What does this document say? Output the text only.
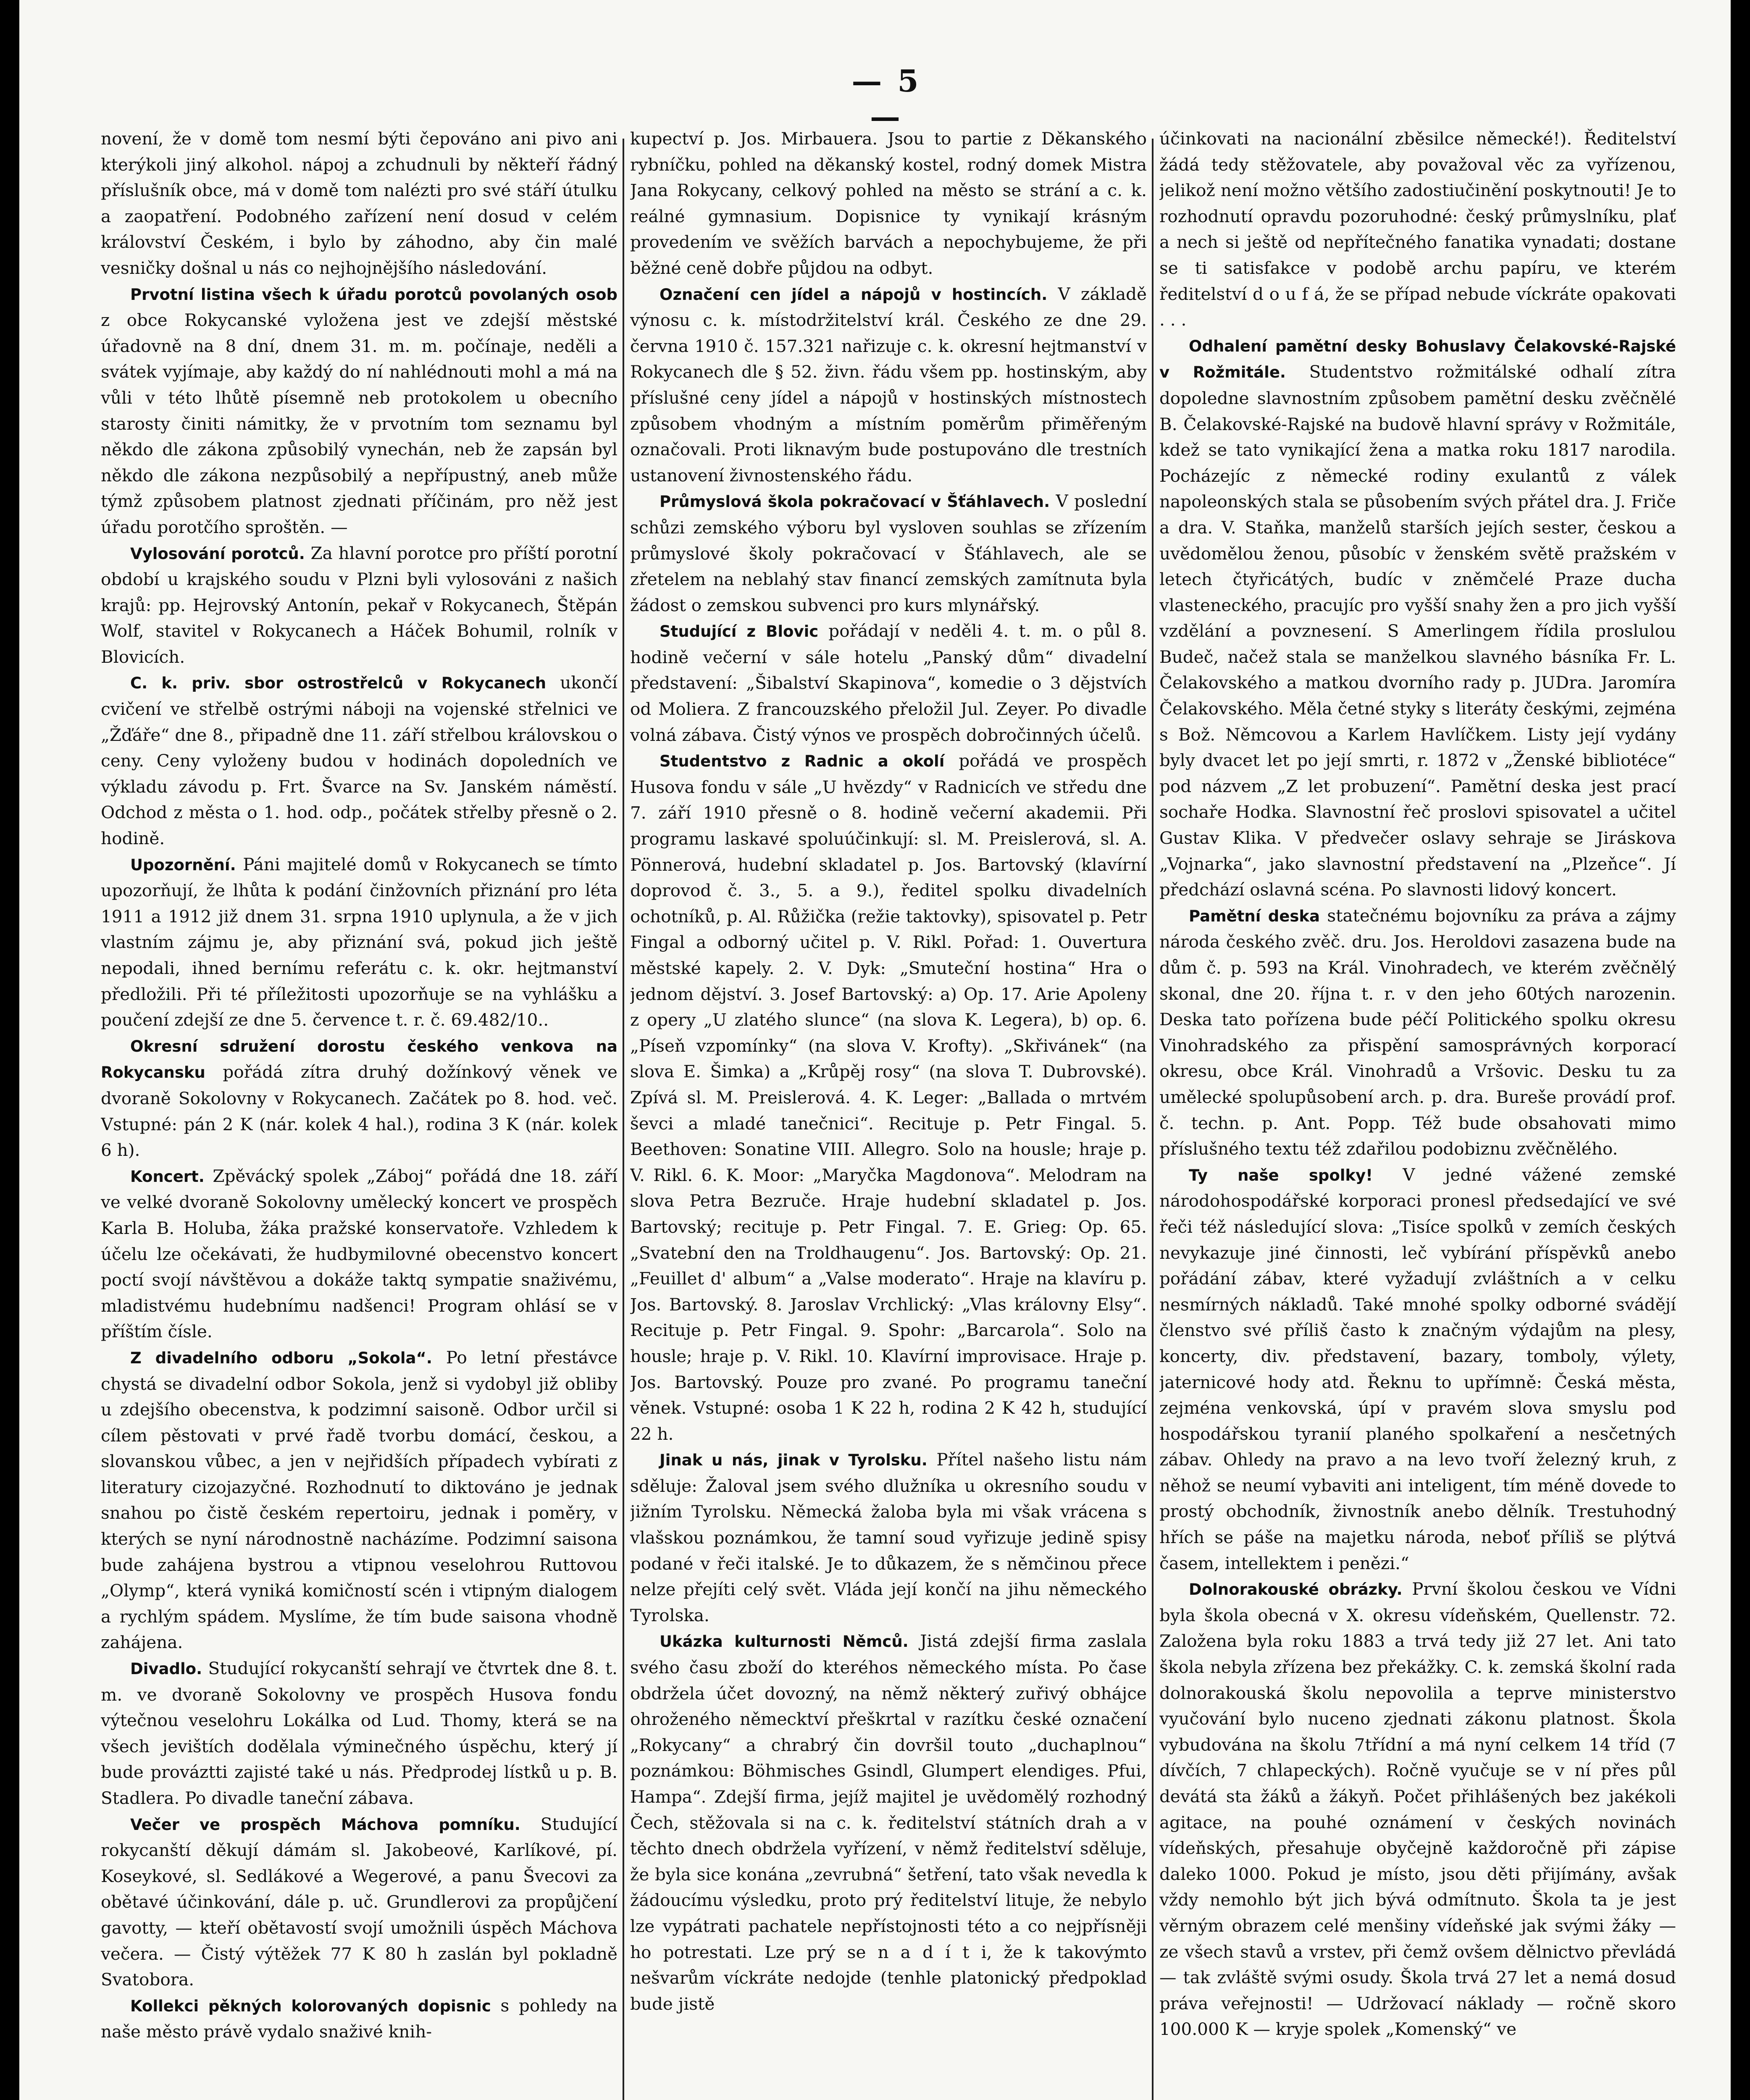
— 5 —

novení, že v domě tom nesmí býti čepováno ani pivo ani kterýkoli jiný alkohol. nápoj a zchudnuli by někteří řádný příslušník obce, má v domě tom nalézti pro své stáří útulku a zaopatření. Podobného zařízení není dosud v celém království Českém, i bylo by záhodno, aby čin malé vesničky došnal u nás co nejhojnějšího následování.

Prvotní listina všech k úřadu porotců povolaných osob z obce Rokycanské vyložena jest ve zdejší městské úřadovně na 8 dní, dnem 31. m. m. počínaje, neděli a svátek vyjímaje, aby každý do ní nahlédnouti mohl a má na vůli v této lhůtě písemně neb protokolem u obecního starosty činiti námitky, že v prvotním tom seznamu byl někdo dle zákona způsobilý vynechán, neb že zapsán byl někdo dle zákona nezpůsobilý a nepřípustný, aneb může týmž způsobem platnost zjednati příčinám, pro něž jest úřadu porotčího sproštěn. —

Vylosování porotců. Za hlavní porotce pro příští porotní období u krajského soudu v Plzni byli vylosováni z našich krajů: pp. Hejrovský Antonín, pekař v Rokycanech, Štěpán Wolf, stavitel v Rokycanech a Háček Bohumil, rolník v Blovicích.

C. k. priv. sbor ostrostřelců v Rokycanech ukončí cvičení ve střelbě ostrými náboji na vojenské střelnici ve „Žďáře“ dne 8., připadně dne 11. září střelbou královskou o ceny. Ceny vyloženy budou v hodinách dopoledních ve výkladu závodu p. Frt. Švarce na Sv. Janském náměstí. Odchod z města o 1. hod. odp., počátek střelby přesně o 2. hodině.

Upozornění. Páni majitelé domů v Rokycanech se tímto upozorňují, že lhůta k podání činžovních přiznání pro léta 1911 a 1912 již dnem 31. srpna 1910 uplynula, a že v jich vlastním zájmu je, aby přiznání svá, pokud jich ještě nepodali, ihned bernímu referátu c. k. okr. hejtmanství předložili. Při té příležitosti upozorňuje se na vyhlášku a poučení zdejší ze dne 5. července t. r. č. 69.482/10..

Okresní sdružení dorostu českého venkova na Rokycansku pořádá zítra druhý dožínkový věnek ve dvoraně Sokolovny v Rokycanech. Začátek po 8. hod. več. Vstupné: pán 2 K (nár. kolek 4 hal.), rodina 3 K (nár. kolek 6 h).

Koncert. Zpěvácký spolek „Záboj“ pořádá dne 18. září ve velké dvoraně Sokolovny umělecký koncert ve prospěch Karla B. Holuba, žáka pražské konservatoře. Vzhledem k účelu lze očekávati, že hudbymilovné obecenstvo koncert poctí svojí návštěvou a dokáže taktq sympatie snaživému, mladistvému hudebnímu nadšenci! Program ohlásí se v příštím čísle.

Z divadelního odboru „Sokola“. Po letní přestávce chystá se divadelní odbor Sokola, jenž si vydobyl již obliby u zdejšího obecenstva, k podzimní saisoně. Odbor určil si cílem pěstovati v prvé řadě tvorbu domácí, českou, a slovanskou vůbec, a jen v nejřidších případech vybírati z literatury cizojazyčné. Rozhodnutí to diktováno je jednak snahou po čistě českém repertoiru, jednak i poměry, v kterých se nyní národnostně nacházíme. Podzimní saisona bude zahájena bystrou a vtipnou veselohrou Ruttovou „Olymp“, která vyniká komičností scén i vtipným dialogem a rychlým spádem. Myslíme, že tím bude saisona vhodně zahájena.

Divadlo. Studující rokycanští sehrají ve čtvrtek dne 8. t. m. ve dvoraně Sokolovny ve prospěch Husova fondu výtečnou veselohru Lokálka od Lud. Thomy, která se na všech jevištích dodělala výminečného úspěchu, který jí bude prováztti zajisté také u nás. Předprodej lístků u p. B. Stadlera. Po divadle taneční zábava.

Večer ve prospěch Máchova pomníku. Studující rokycanští děkují dámám sl. Jakobeové, Karlíkové, pí. Koseykové, sl. Sedlákové a Wegerové, a panu Švecovi za obětavé účinkování, dále p. uč. Grundlerovi za propůjčení gavotty, — kteří obětavostí svojí umožnili úspěch Máchova večera. — Čistý výtěžek 77 K 80 h zaslán byl pokladně Svatobora.

Kollekci pěkných kolorovaných dopisnic s pohledy na naše město právě vydalo snaživé knih-

kupectví p. Jos. Mirbauera. Jsou to partie z Děkanského rybníčku, pohled na děkanský kostel, rodný domek Mistra Jana Rokycany, celkový pohled na město se strání a c. k. reálné gymnasium. Dopisnice ty vynikají krásným provedením ve svěžích barvách a nepochybujeme, že při běžné ceně dobře půjdou na odbyt.

Označení cen jídel a nápojů v hostincích. V základě výnosu c. k. místodržitelství král. Českého ze dne 29. června 1910 č. 157.321 nařizuje c. k. okresní hejtmanství v Rokycanech dle § 52. živn. řádu všem pp. hostinským, aby příslušné ceny jídel a nápojů v hostinských místnostech způsobem vhodným a místním poměrům přiměřeným označovali. Proti liknavým bude postupováno dle trestních ustanovení živnostenského řádu.

Průmyslová škola pokračovací v Šťáhlavech. V poslední schůzi zemského výboru byl vysloven souhlas se zřízením průmyslové školy pokračovací v Šťáhlavech, ale se zřetelem na neblahý stav financí zemských zamítnuta byla žádost o zemskou subvenci pro kurs mlynářský.

Studující z Blovic pořádají v neděli 4. t. m. o půl 8. hodině večerní v sále hotelu „Panský dům“ divadelní představení: „Šibalství Skapinova“, komedie o 3 dějstvích od Moliera. Z francouzského přeložil Jul. Zeyer. Po divadle volná zábava. Čistý výnos ve prospěch dobročinných účelů.

Studentstvo z Radnic a okolí pořádá ve prospěch Husova fondu v sále „U hvězdy“ v Radnicích ve středu dne 7. září 1910 přesně o 8. hodině večerní akademii. Při programu laskavé spoluúčinkují: sl. M. Preislerová, sl. A. Pönnerová, hudební skladatel p. Jos. Bartovský (klavírní doprovod č. 3., 5. a 9.), ředitel spolku divadelních ochotníků, p. Al. Růžička (režie taktovky), spisovatel p. Petr Fingal a odborný učitel p. V. Rikl. Pořad: 1. Ouvertura městské kapely. 2. V. Dyk: „Smuteční hostina“ Hra o jednom dějství. 3. Josef Bartovský: a) Op. 17. Arie Apoleny z opery „U zlatého slunce“ (na slova K. Legera), b) op. 6. „Píseň vzpomínky“ (na slova V. Krofty). „Skřivánek“ (na slova E. Šimka) a „Krůpěj rosy“ (na slova T. Dubrovské). Zpívá sl. M. Preislerová. 4. K. Leger: „Ballada o mrtvém ševci a mladé tanečnici“. Recituje p. Petr Fingal. 5. Beethoven: Sonatine VIII. Allegro. Solo na housle; hraje p. V. Rikl. 6. K. Moor: „Maryčka Magdonova“. Melodram na slova Petra Bezruče. Hraje hudební skladatel p. Jos. Bartovský; recituje p. Petr Fingal. 7. E. Grieg: Op. 65. „Svatební den na Troldhaugenu“. Jos. Bartovský: Op. 21. „Feuillet d' album“ a „Valse moderato“. Hraje na klavíru p. Jos. Bartovský. 8. Jaroslav Vrchlický: „Vlas královny Elsy“. Recituje p. Petr Fingal. 9. Spohr: „Barcarola“. Solo na housle; hraje p. V. Rikl. 10. Klavírní improvisace. Hraje p. Jos. Bartovský. Pouze pro zvané. Po programu taneční věnek. Vstupné: osoba 1 K 22 h, rodina 2 K 42 h, studující 22 h.

Jinak u nás, jinak v Tyrolsku. Přítel našeho listu nám sděluje: Žaloval jsem svého dlužníka u okresního soudu v jižním Tyrolsku. Německá žaloba byla mi však vrácena s vlašskou poznámkou, že tamní soud vyřizuje jedině spisy podané v řeči italské. Je to důkazem, že s němčinou přece nelze přejíti celý svět. Vláda její končí na jihu německého Tyrolska.

Ukázka kulturnosti Němců. Jistá zdejší firma zaslala svého času zboží do kteréhos německého místa. Po čase obdržela účet dovozný, na němž některý zuřivý obhájce ohroženého německtví přeškrtal v razítku české označení „Rokycany“ a chrabrý čin dovršil touto „duchaplnou“ poznámkou: Böhmisches Gsindl, Glumpert elendiges. Pfui, Hampa“. Zdejší firma, jejíž majitel je uvědomělý rozhodný Čech, stěžovala si na c. k. ředitelství státních drah a v těchto dnech obdržela vyřízení, v němž ředitelství sděluje, že byla sice konána „zevrubná“ šetření, tato však nevedla k žádoucímu výsledku, proto prý ředitelství lituje, že nebylo lze vypátrati pachatele nepřístojnosti této a co nejpřísněji ho potrestati. Lze prý se n a d í t i, že k takovýmto nešvarům víckráte nedojde (tenhle platonický předpoklad bude jistě

účinkovati na nacionální zběsilce německé!). Ředitelství žádá tedy stěžovatele, aby považoval věc za vyřízenou, jelikož není možno většího zadostiučinění poskytnouti! Je to rozhodnutí opravdu pozoruhodné: český průmyslníku, plať a nech si ještě od nepřítečného fanatika vynadati; dostane se ti satisfakce v podobě archu papíru, ve kterém ředitelství d o u f á, že se případ nebude víckráte opakovati . . .

Odhalení pamětní desky Bohuslavy Čelakovské-Rajské v Rožmitále. Studentstvo rožmitálské odhalí zítra dopoledne slavnostním způsobem pamětní desku zvěčnělé B. Čelakovské-Rajské na budově hlavní správy v Rožmitále, kdež se tato vynikající žena a matka roku 1817 narodila. Pocházejíc z německé rodiny exulantů z válek napoleonských stala se působením svých přátel dra. J. Friče a dra. V. Staňka, manželů starších jejích sester, českou a uvědomělou ženou, působíc v ženském světě pražském v letech čtyřicátých, budíc v zněmčelé Praze ducha vlasteneckého, pracujíc pro vyšší snahy žen a pro jich vyšší vzdělání a povznesení. S Amerlingem řídila proslulou Budeč, načež stala se manželkou slavného básníka Fr. L. Čelakovského a matkou dvorního rady p. JUDra. Jaromíra Čelakovského. Měla četné styky s literáty českými, zejména s Bož. Němcovou a Karlem Havlíčkem. Listy její vydány byly dvacet let po její smrti, r. 1872 v „Ženské bibliotéce“ pod názvem „Z let probuzení“. Pamětní deska jest prací sochaře Hodka. Slavnostní řeč proslovi spisovatel a učitel Gustav Klika. V předvečer oslavy sehraje se Jiráskova „Vojnarka“, jako slavnostní představení na „Plzeňce“. Jí předchází oslavná scéna. Po slavnosti lidový koncert.

Pamětní deska statečnému bojovníku za práva a zájmy národa českého zvěč. dru. Jos. Heroldovi zasazena bude na dům č. p. 593 na Král. Vinohradech, ve kterém zvěčnělý skonal, dne 20. října t. r. v den jeho 60tých narozenin. Deska tato pořízena bude péčí Politického spolku okresu Vinohradského za přispění samosprávných korporací okresu, obce Král. Vinohradů a Vršovic. Desku tu za umělecké spolupůsobení arch. p. dra. Bureše provádí prof. č. techn. p. Ant. Popp. Též bude obsahovati mimo příslušného textu též zdařilou podobiznu zvěčnělého.

Ty naše spolky! V jedné vážené zemské národohospodářské korporaci pronesl předsedající ve své řeči též následující slova: „Tisíce spolků v zemích českých nevykazuje jiné činnosti, leč vybírání příspěvků anebo pořádání zábav, které vyžadují zvláštních a v celku nesmírných nákladů. Také mnohé spolky odborné svádějí členstvo své příliš často k značným výdajům na plesy, koncerty, div. představení, bazary, tomboly, výlety, jaternicové hody atd. Řeknu to upřímně: Česká města, zejména venkovská, úpí v pravém slova smyslu pod hospodářskou tyranií planého spolkaření a nesčetných zábav. Ohledy na pravo a na levo tvoří železný kruh, z něhož se neumí vybaviti ani inteligent, tím méně dovede to prostý obchodník, živnostník anebo dělník. Trestuhodný hřích se páše na majetku národa, neboť příliš se plýtvá časem, intellektem i penězi.“

Dolnorakouské obrázky. První školou českou ve Vídni byla škola obecná v X. okresu vídeňském, Quellenstr. 72. Založena byla roku 1883 a trvá tedy již 27 let. Ani tato škola nebyla zřízena bez překážky. C. k. zemská školní rada dolnorakouská školu nepovolila a teprve ministerstvo vyučování bylo nuceno zjednati zákonu platnost. Škola vybudována na školu 7třídní a má nyní celkem 14 tříd (7 dívčích, 7 chlapeckých). Ročně vyučuje se v ní přes půl devátá sta žáků a žákyň. Počet přihlášených bez jakékoli agitace, na pouhé oznámení v českých novinách vídeňských, přesahuje obyčejně každoročně při zápise daleko 1000. Pokud je místo, jsou děti přijímány, avšak vždy nemohlo být jich bývá odmítnuto. Škola ta je jest věrným obrazem celé menšiny vídeňské jak svými žáky — ze všech stavů a vrstev, při čemž ovšem dělnictvo převládá — tak zvláště svými osudy. Škola trvá 27 let a nemá dosud práva veřejnosti! — Udržovací náklady — ročně skoro 100.000 K — kryje spolek „Komenský“ ve
